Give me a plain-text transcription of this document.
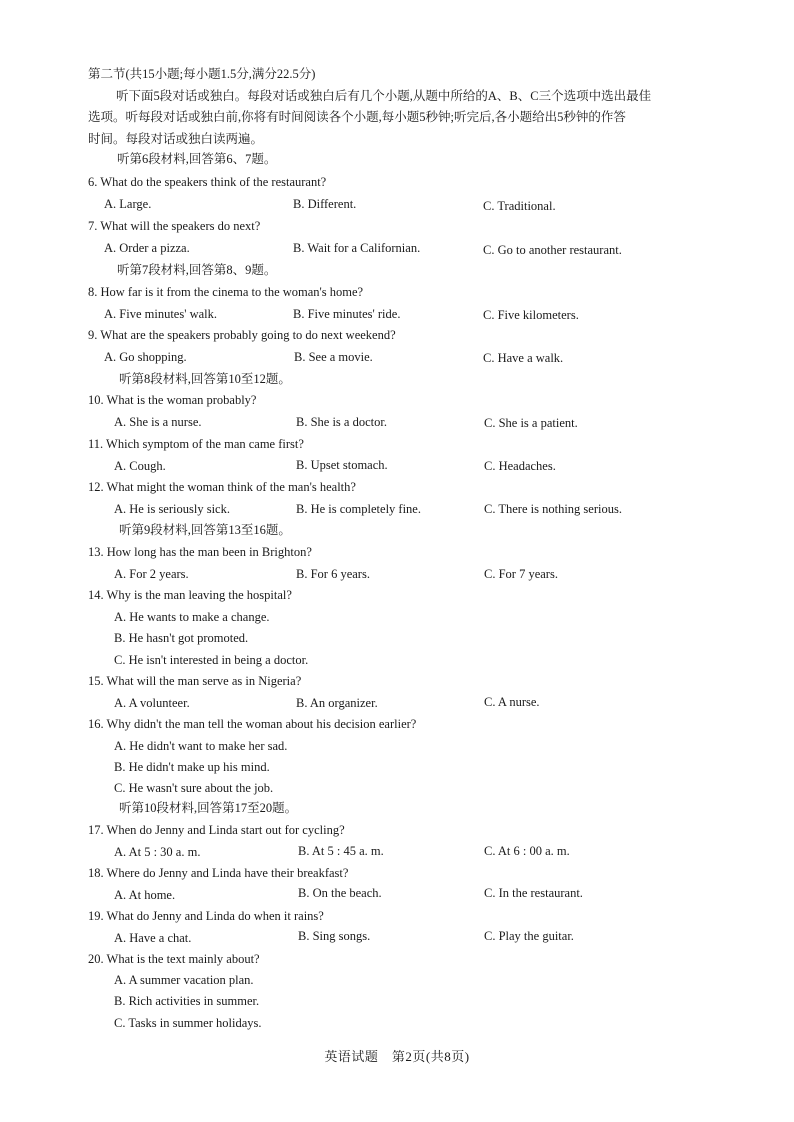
第二节(共15小题;每小题1.5分,满分22.5分)
听下面5段对话或独白。每段对话或独白后有几个小题,从题中所给的A、B、C三个选项中选出最佳
选项。听每段对话或独白前,你将有时间阅读各个小题,每小题5秒钟;听完后,各小题给出5秒钟的作答
时间。每段对话或独白读两遍。
听第6段材料,回答第6、7题。
6. What do the speakers think of the restaurant?
A. Large.	B. Different.	C. Traditional.
7. What will the speakers do next?
A. Order a pizza.	B. Wait for a Californian.	C. Go to another restaurant.
听第7段材料,回答第8、9题。
8. How far is it from the cinema to the woman's home?
A. Five minutes' walk.	B. Five minutes' ride.	C. Five kilometers.
9. What are the speakers probably going to do next weekend?
A. Go shopping.	B. See a movie.	C. Have a walk.
听第8段材料,回答第10至12题。
10. What is the woman probably?
A. She is a nurse.	B. She is a doctor.	C. She is a patient.
11. Which symptom of the man came first?
A. Cough.	B. Upset stomach.	C. Headaches.
12. What might the woman think of the man's health?
A. He is seriously sick.	B. He is completely fine.	C. There is nothing serious.
听第9段材料,回答第13至16题。
13. How long has the man been in Brighton?
A. For 2 years.	B. For 6 years.	C. For 7 years.
14. Why is the man leaving the hospital?
A. He wants to make a change.
B. He hasn't got promoted.
C. He isn't interested in being a doctor.
15. What will the man serve as in Nigeria?
A. A volunteer.	B. An organizer.	C. A nurse.
16. Why didn't the man tell the woman about his decision earlier?
A. He didn't want to make her sad.
B. He didn't make up his mind.
C. He wasn't sure about the job.
听第10段材料,回答第17至20题。
17. When do Jenny and Linda start out for cycling?
A. At 5 : 30 a. m.	B. At 5 : 45 a. m.	C. At 6 : 00 a. m.
18. Where do Jenny and Linda have their breakfast?
A. At home.	B. On the beach.	C. In the restaurant.
19. What do Jenny and Linda do when it rains?
A. Have a chat.	B. Sing songs.	C. Play the guitar.
20. What is the text mainly about?
A. A summer vacation plan.
B. Rich activities in summer.
C. Tasks in summer holidays.
英语试题　第2页(共8页)
